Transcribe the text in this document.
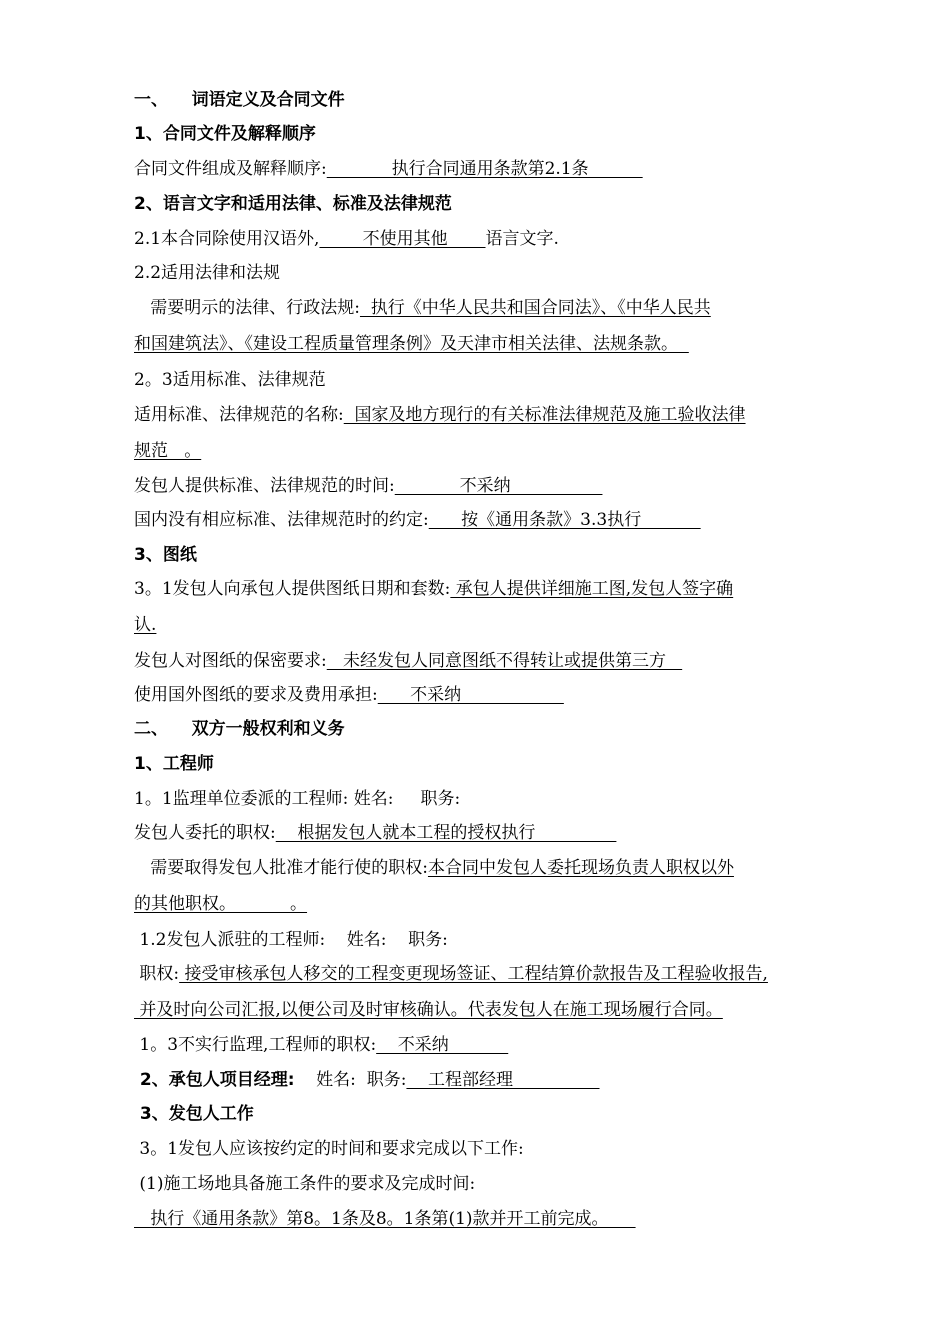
一、    词语定义及合同文件
1、合同文件及解释顺序
合同文件组成及解释顺序:            执行合同通用条款第2.1条
2、语言文字和适用法律、标准及法律规范
2.1本合同除使用汉语外,        不使用其他       语言文字.
2.2适用法律和法规
需要明示的法律、行政法规:  执行《中华人民共和国合同法》、《中华人民共
和国建筑法》、《建设工程质量管理条例》及天津市相关法律、法规条款。
2。3适用标准、法律规范
适用标准、法律规范的名称:  国家及地方现行的有关标准法律规范及施工验收法律
规范   。
发包人提供标准、法律规范的时间:            不采纳
国内没有相应标准、法律规范时的约定:      按《通用条款》3.3执行
3、图纸
3。1发包人向承包人提供图纸日期和套数: 承包人提供详细施工图,发包人签字确
认.
发包人对图纸的保密要求:   未经发包人同意图纸不得转让或提供第三方
使用国外图纸的要求及费用承担:      不采纳
二、    双方一般权利和义务
1、工程师
1。1监理单位委派的工程师: 姓名:     职务:
发包人委托的职权:    根据发包人就本工程的授权执行
需要取得发包人批准才能行使的职权:本合同中发包人委托现场负责人职权以外
的其他职权。          。
1.2发包人派驻的工程师:    姓名:    职务:
职权: 接受审核承包人移交的工程变更现场签证、工程结算价款报告及工程验收报告,
并及时向公司汇报,以便公司及时审核确认。代表发包人在施工现场履行合同。
1。3不实行监理,工程师的职权:    不采纳
2、承包人项目经理:    姓名:  职务:    工程部经理
3、发包人工作
3。1发包人应该按约定的时间和要求完成以下工作:
(1)施工场地具备施工条件的要求及完成时间:
执行《通用条款》第8。1条及8。1条第(1)款并开工前完成。
